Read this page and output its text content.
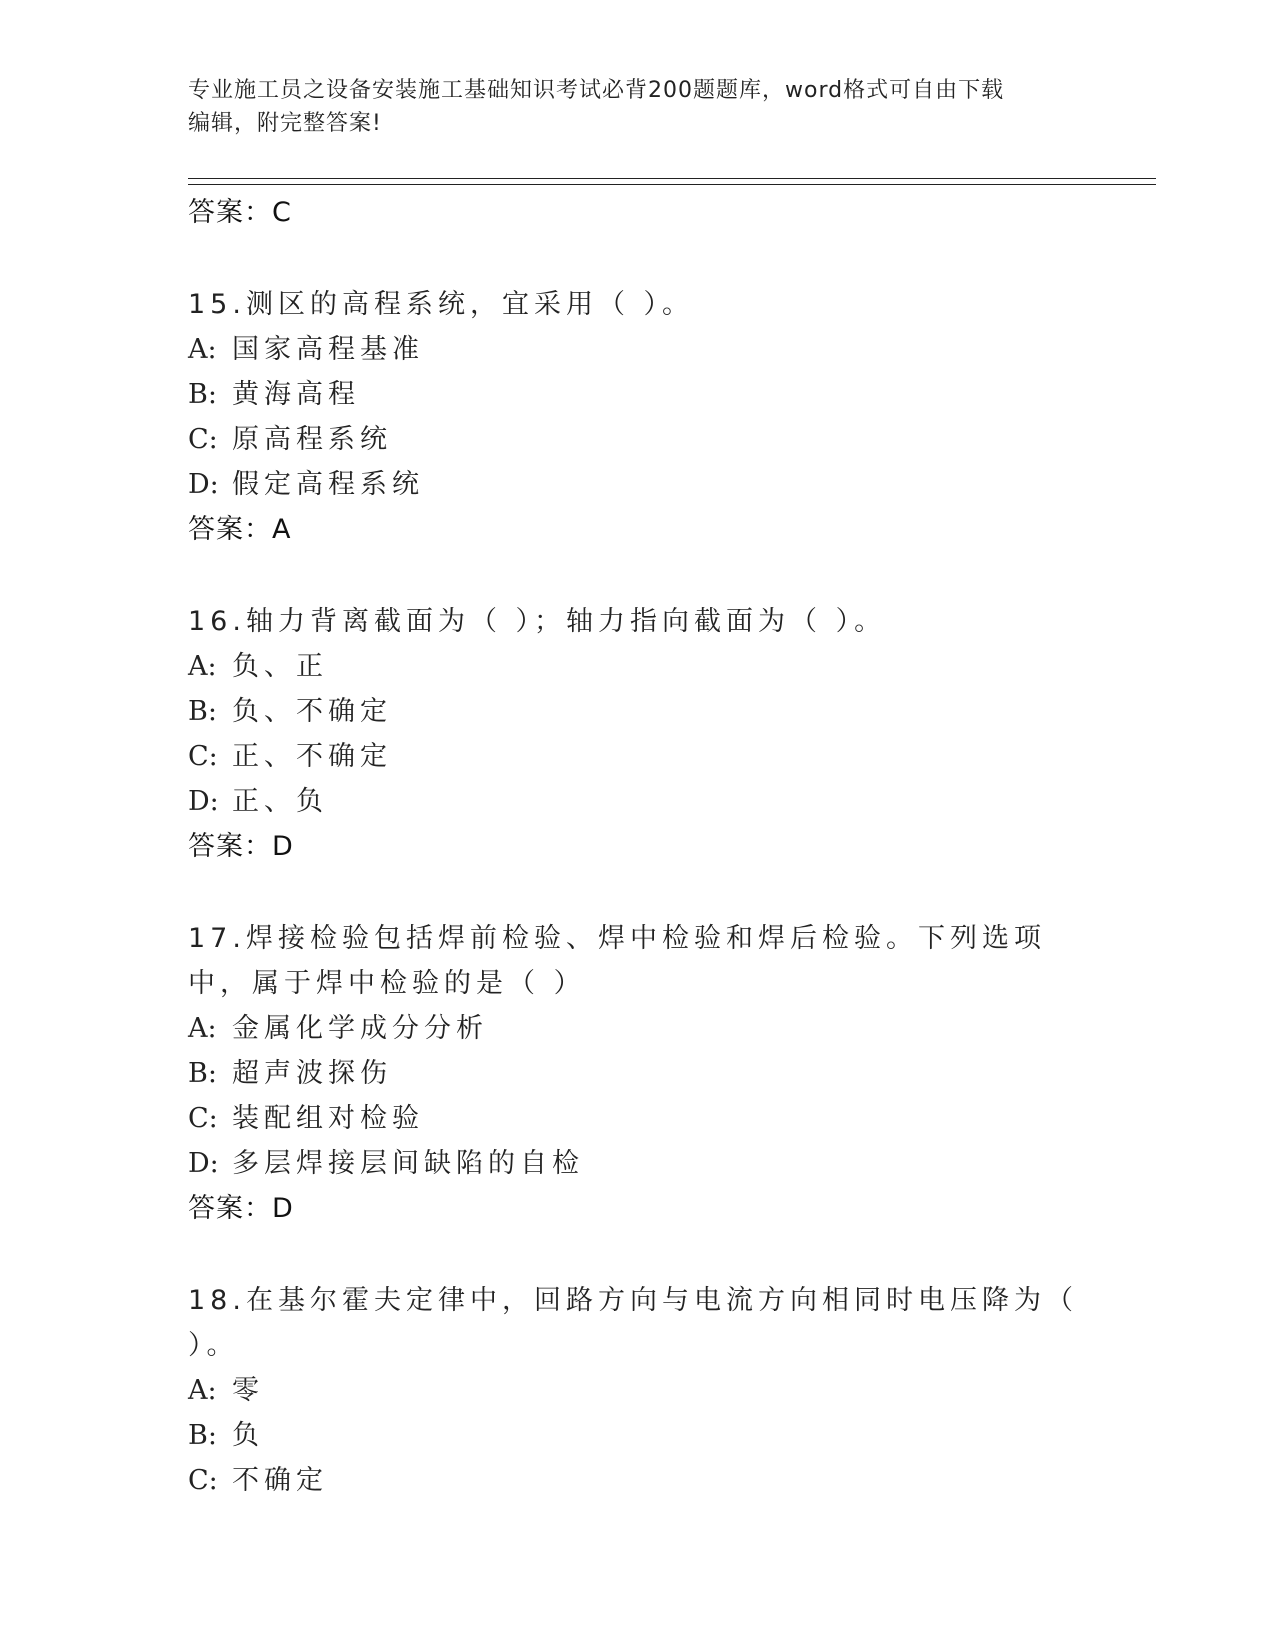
专业施工员之设备安装施工基础知识考试必背200题题库，word格式可自由下载
编辑，附完整答案!
答案：C
15.测区的高程系统，宜采用（ ）。
A: 国家高程基准
B: 黄海高程
C: 原高程系统
D: 假定高程系统
答案：A
16.轴力背离截面为（ ）；轴力指向截面为（ ）。
A: 负、正
B: 负、不确定
C: 正、不确定
D: 正、负
答案：D
17.焊接检验包括焊前检验、焊中检验和焊后检验。下列选项中，属于焊中检验的是（ ）
A: 金属化学成分分析
B: 超声波探伤
C: 装配组对检验
D: 多层焊接层间缺陷的自检
答案：D
18.在基尔霍夫定律中，回路方向与电流方向相同时电压降为（ ）。
A: 零
B: 负
C: 不确定
